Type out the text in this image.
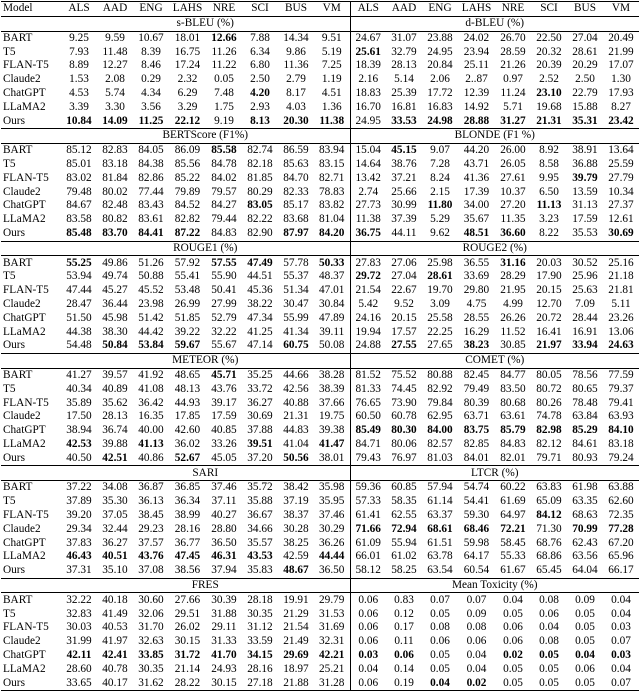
Model	ALS	AAD	ENG	LAHS	NRE	SCI	BUS	VM	ALS	AAD	ENG	LAHS	NRE	SCI	BUS	VM
	s-BLEU (%)								d-BLEU (%)							
BART	9.25	9.59	10.67	18.01	12.66	7.88	14.34	9.51	24.67	31.07	23.88	24.02	26.70	22.50	27.04	20.49
T5	7.93	11.48	8.39	16.75	11.26	6.34	9.86	5.19	25.61	32.79	24.95	23.94	28.59	20.32	28.61	21.99
FLAN-T5	8.89	12.27	8.46	17.24	11.22	6.80	11.36	7.25	18.39	28.13	20.84	25.11	21.26	20.39	20.29	17.07
Claude2	1.53	2.08	0.29	2.32	0.05	2.50	2.79	1.19	2.16	5.14	2.06	2..87	0.97	2.52	2.50	1.30
ChatGPT	4.53	5.74	4.34	6.29	7.48	4.20	8.17	4.51	18.83	25.39	17.72	12.39	11.24	23.10	22.79	17.93
LLaMA2	3.39	3.30	3.56	3.29	1.75	2.93	4.03	1.36	16.70	16.81	16.83	14.92	5.71	19.68	15.88	8.27
Ours	10.84	14.09	11.25	22.12	9.19	8.13	20.30	11.38	24.95	33.53	24.98	28.88	31.27	21.31	35.31	23.42
	BERTScore (F1%)								BLONDE (F1 %)							
BART	85.12	82.83	84.05	86.09	85.58	82.74	86.59	83.94	15.04	45.15	9.07	44.20	26.00	8.92	38.91	13.64
T5	85.01	83.18	84.38	85.56	84.78	82.18	85.63	83.15	14.64	38.76	7.28	43.71	26.05	8.58	36.88	25.59
FLAN-T5	83.02	81.84	82.86	85.22	84.02	81.85	84.70	82.71	13.42	37.21	8.24	41.36	27.61	9.95	39.79	27.79
Claude2	79.48	80.02	77.44	79.89	79.57	80.29	82.33	78.83	2.74	25.66	2.15	17.39	10.37	6.50	13.59	10.34
ChatGPT	84.67	82.48	83.43	84.52	84.27	83.05	85.17	83.82	27.73	30.99	11.80	34.00	27.20	11.13	31.13	27.37
LLaMA2	83.58	80.82	83.61	82.82	79.44	82.22	83.68	81.04	11.38	37.39	5.29	35.67	11.35	3.23	17.59	12.61
Ours	85.48	83.70	84.41	87.22	84.83	82.90	87.97	84.20	36.75	44.11	9.62	48.51	36.60	8.22	35.53	30.69
	ROUGE1 (%)								ROUGE2 (%)							
BART	55.25	49.86	51.26	57.92	57.55	47.49	57.78	50.33	27.83	27.06	25.98	36.55	31.16	20.03	30.52	25.16
T5	53.94	49.74	50.88	55.41	55.90	44.51	55.37	48.37	29.72	27.04	28.61	33.69	28.29	17.90	25.96	21.18
FLAN-T5	47.44	45.27	45.52	53.48	50.41	45.36	51.34	47.01	21.54	22.67	19.70	29.80	21.95	20.15	25.63	21.81
Claude2	28.47	36.44	23.98	26.99	27.99	38.22	30.47	30.84	5.42	9.52	3.09	4.75	4.99	12.70	7.09	5.11
ChatGPT	51.50	45.98	51.42	51.85	52.79	47.34	55.99	47.89	24.16	20.15	25.58	28.55	26.26	20.72	28.44	23.26
LLaMA2	44.38	38.30	44.42	39.22	32.22	41.25	41.34	39.11	19.94	17.57	22.25	16.29	11.52	16.41	16.91	13.06
Ours	54.48	50.84	53.84	59.67	55.67	47.14	60.75	50.08	24.88	27.55	27.65	38.23	30.85	21.97	33.94	24.63
	METEOR (%)								COMET (%)							
BART	41.27	39.57	41.92	48.65	45.71	35.25	44.66	38.28	81.52	75.52	80.88	82.45	84.77	80.05	78.56	77.59
T5	40.34	40.89	41.08	48.13	43.76	33.72	42.56	38.39	81.33	74.45	82.92	79.49	83.50	80.72	80.65	79.37
FLAN-T5	35.89	35.62	36.42	44.93	39.17	36.27	40.88	37.66	76.65	73.90	79.84	80.39	80.68	80.26	78.48	79.41
Claude2	17.50	28.13	16.35	17.85	17.59	30.69	21.31	19.75	60.50	60.78	62.95	63.71	63.61	74.78	63.84	63.93
ChatGPT	38.94	36.74	40.00	42.60	40.85	37.88	44.83	39.38	85.49	80.30	84.00	83.75	85.79	82.98	85.29	84.10
LLaMA2	42.53	39.88	41.13	36.02	33.26	39.51	41.04	41.47	84.71	80.06	82.57	82.85	84.83	82.12	84.61	83.18
Ours	40.50	42.51	40.86	52.67	45.05	37.20	50.56	38.01	79.43	76.97	81.03	84.01	82.01	79.71	80.93	79.24
	SARI								LTCR (%)							
BART	37.22	34.08	36.87	36.85	37.46	35.72	38.42	35.98	59.36	60.85	57.94	54.74	60.22	63.83	61.98	63.88
T5	37.89	35.30	36.13	36.34	37.11	35.88	37.19	35.95	57.33	58.35	61.14	54.41	61.69	65.09	63.35	62.60
FLAN-T5	39.20	37.05	38.45	38.99	40.27	36.67	38.37	37.46	61.41	62.55	63.37	59.30	64.97	84.12	68.63	72.35
Claude2	29.34	32.44	29.23	28.16	28.80	34.66	30.28	30.29	71.66	72.94	68.61	68.46	72.21	71.30	70.99	77.28
ChatGPT	37.83	36.27	37.57	36.77	36.50	35.57	38.25	36.26	61.09	55.94	61.51	59.98	58.45	68.76	62.43	67.20
LLaMA2	46.43	40.51	43.76	47.45	46.31	43.53	42.59	44.44	66.01	61.02	63.78	64.17	55.33	68.86	63.56	65.96
Ours	37.31	35.10	37.08	38.56	37.94	35.83	48.67	36.50	58.12	58.25	63.54	60.54	61.67	65.45	64.04	66.17
	FRES								Mean Toxicity (%)							
BART	32.22	40.18	30.60	27.66	30.39	28.18	19.91	29.79	0.06	0.83	0.07	0.07	0.04	0.08	0.09	0.04
T5	32.83	41.49	32.06	29.51	31.88	30.35	21.29	31.53	0.06	0.12	0.05	0.09	0.05	0.06	0.05	0.04
FLAN-T5	30.03	40.53	31.70	26.02	29.11	31.12	21.54	31.69	0.06	0.17	0.08	0.08	0.06	0.04	0.05	0.03
Claude2	31.99	41.97	32.63	30.15	31.33	33.59	21.49	32.31	0.06	0.11	0.06	0.06	0.06	0.08	0.05	0.07
ChatGPT	42.11	42.41	33.85	31.72	41.70	34.15	29.69	42.21	0.03	0.06	0.05	0.04	0.02	0.05	0.04	0.03
LLaMA2	28.60	40.78	30.35	21.14	24.93	28.16	18.97	25.21	0.04	0.14	0.05	0.04	0.05	0.05	0.06	0.04
Ours	33.65	40.17	31.62	28.22	30.15	27.18	21.88	31.28	0.06	0.19	0.04	0.02	0.05	0.05	0.05	0.07
